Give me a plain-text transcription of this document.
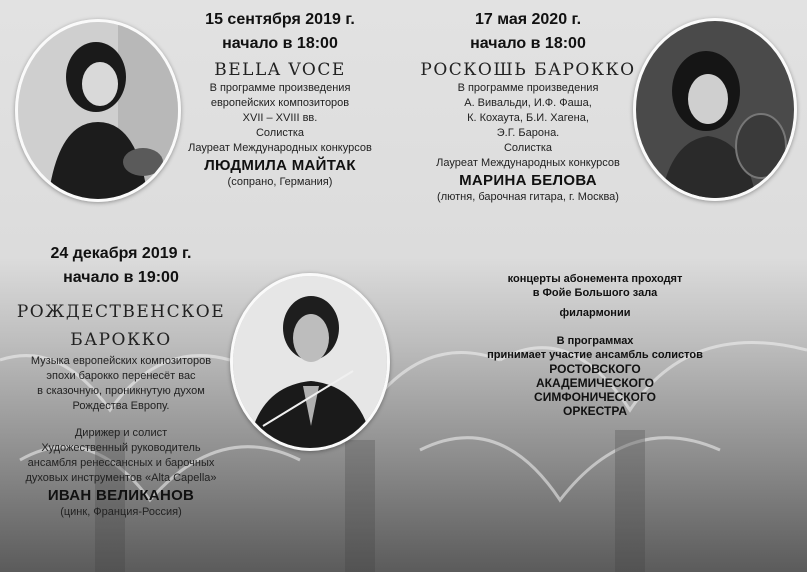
15 сентября 2019 г.
начало в 18:00
BELLA VOCE
В программе произведения
европейских композиторов
XVII – XVIII вв.
Солистка
Лауреат Международных конкурсов
ЛЮДМИЛА МАЙТАК
(сопрано, Германия)
17 мая 2020 г.
начало в 18:00
РОСКОШЬ БАРОККО
В программе произведения
А. Вивальди, И.Ф. Фаша,
К. Кохаута, Б.И. Хагена,
Э.Г. Барона.
Солистка
Лауреат Международных конкурсов
МАРИНА БЕЛОВА
(лютня, барочная гитара, г. Москва)
24 декабря 2019 г.
начало в 19:00
РОЖДЕСТВЕНСКОЕ
БАРОККО
Музыка европейских композиторов
эпохи барокко перенесёт вас
в сказочную, проникнутую духом
Рождества Европу.
Дирижер и солист
Художественный руководитель
ансамбля ренессансных и барочных
духовых инструментов «Alta Capella»
ИВАН ВЕЛИКАНОВ
(цинк, Франция-Россия)
концерты абонемента проходят
в Фойе Большого зала
филармонии
В программах
принимает участие ансамбль солистов
РОСТОВСКОГО
АКАДЕМИЧЕСКОГО
СИМФОНИЧЕСКОГО
ОРКЕСТРА
